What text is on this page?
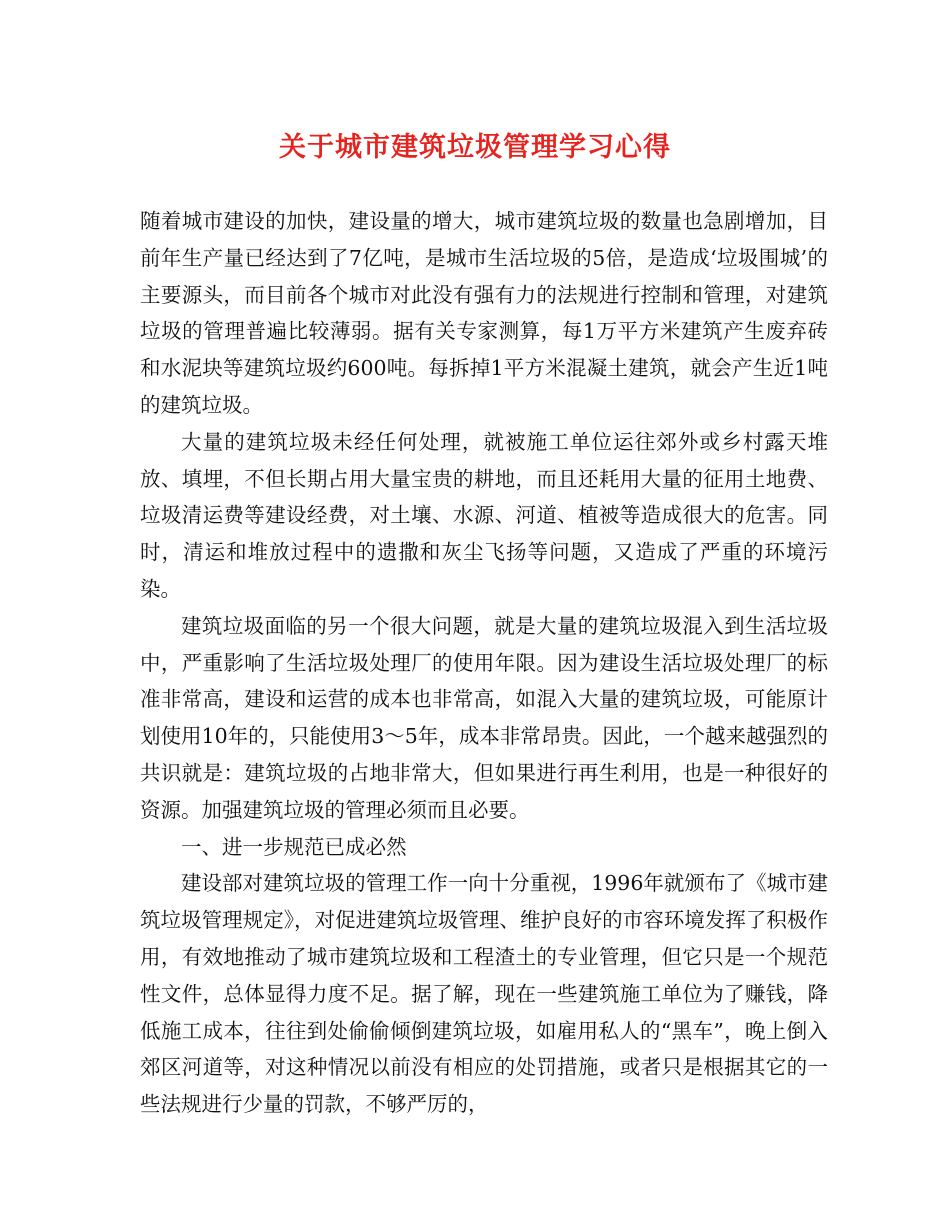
关于城市建筑垃圾管理学习心得

随着城市建设的加快，建设量的增大，城市建筑垃圾的数量也急剧增加，目前年生产量已经达到了7亿吨，是城市生活垃圾的5倍，是造成‘垃圾围城’的主要源头，而目前各个城市对此没有强有力的法规进行控制和管理，对建筑垃圾的管理普遍比较薄弱。据有关专家测算，每1万平方米建筑产生废弃砖和水泥块等建筑垃圾约600吨。每拆掉1平方米混凝土建筑，就会产生近1吨的建筑垃圾。

大量的建筑垃圾未经任何处理，就被施工单位运往郊外或乡村露天堆放、填埋，不但长期占用大量宝贵的耕地，而且还耗用大量的征用土地费、垃圾清运费等建设经费，对土壤、水源、河道、植被等造成很大的危害。同时，清运和堆放过程中的遗撒和灰尘飞扬等问题，又造成了严重的环境污染。

建筑垃圾面临的另一个很大问题，就是大量的建筑垃圾混入到生活垃圾中，严重影响了生活垃圾处理厂的使用年限。因为建设生活垃圾处理厂的标准非常高，建设和运营的成本也非常高，如混入大量的建筑垃圾，可能原计划使用10年的，只能使用3～5年，成本非常昂贵。因此，一个越来越强烈的共识就是：建筑垃圾的占地非常大，但如果进行再生利用，也是一种很好的资源。加强建筑垃圾的管理必须而且必要。

一、进一步规范已成必然

建设部对建筑垃圾的管理工作一向十分重视，1996年就颁布了《城市建筑垃圾管理规定》，对促进建筑垃圾管理、维护良好的市容环境发挥了积极作用，有效地推动了城市建筑垃圾和工程渣土的专业管理，但它只是一个规范性文件，总体显得力度不足。据了解，现在一些建筑施工单位为了赚钱，降低施工成本，往往到处偷偷倾倒建筑垃圾，如雇用私人的“黑车”，晚上倒入郊区河道等，对这种情况以前没有相应的处罚措施，或者只是根据其它的一些法规进行少量的罚款，不够严厉的，
